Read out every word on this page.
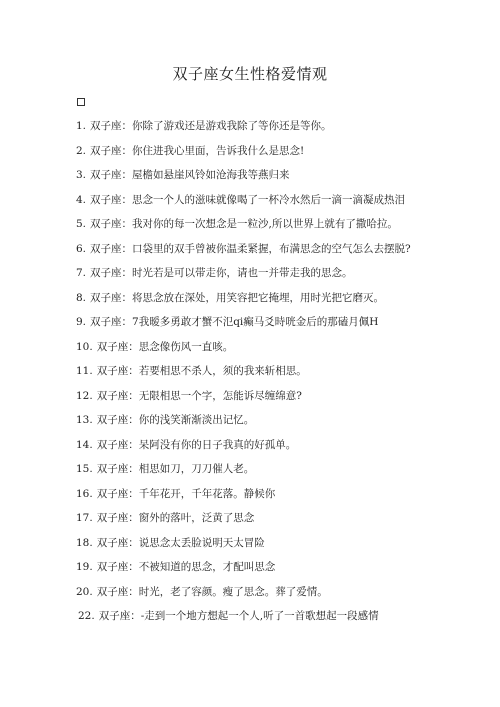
双子座女生性格爱情观
1. 双子座：你除了游戏还是游戏我除了等你还是等你。
2. 双子座：你住进我心里面，告诉我什么是思念!
3. 双子座：屋檐如悬崖风铃如沧海我等燕归来
4. 双子座：思念一个人的滋味就像喝了一杯冷水然后一滴一滴凝成热泪
5. 双子座：我对你的每一次想念是一粒沙,所以世界上就有了撒哈拉。
6. 双子座：口袋里的双手曾被你温柔紧握，布满思念的空气怎么去摆脱?
7. 双子座：时光若是可以带走你，请也一并带走我的思念。
8. 双子座：将思念放在深处，用笑容把它掩埋，用时光把它磨灭。
9. 双子座：7我暧多勇敢才蟹不氾qi癫马爻時咣金后的那磕月佩H
10. 双子座：思念像伤风一直咳。
11. 双子座：若要相思不杀人，须的我来斩相思。
12. 双子座：无限相思一个字，怎能诉尽缠绵意?
13. 双子座：你的浅笑渐渐淡出记忆。
14. 双子座：呆阿没有你的日子我真的好孤单。
15. 双子座：相思如刀，刀刀催人老。
16. 双子座：千年花开，千年花落。静候你
17. 双子座：窗外的落叶，泛黄了思念
18. 双子座：说思念太丢脸说明天太冒险
19. 双子座：不被知道的思念，才配叫思念
20. 双子座：时光，老了容颜。瘦了思念。葬了爱情。
22. 双子座：-走到一个地方想起一个人,听了一首歌想起一段感情
